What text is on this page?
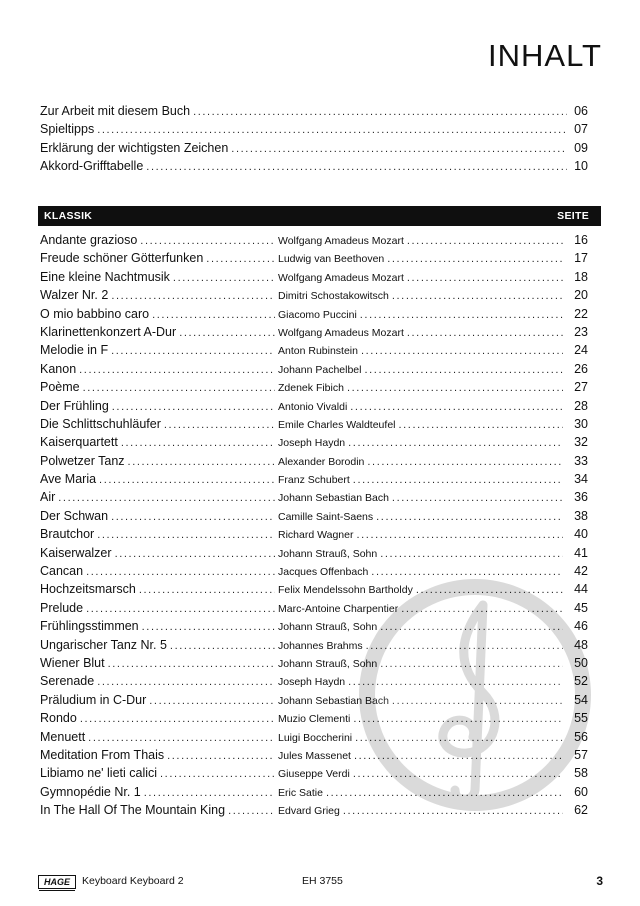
INHALT
Zur Arbeit mit diesem Buch .....	06
Spieltipps .....	07
Erklärung der wichtigsten Zeichen .....	09
Akkord-Grifftabelle .....	10
KLASSIK	SEITE
Andante grazioso .....	Wolfgang Amadeus Mozart .....	16
Freude schöner Götterfunken .....	Ludwig van Beethoven .....	17
Eine kleine Nachtmusik .....	Wolfgang Amadeus Mozart .....	18
Walzer Nr. 2 .....	Dimitri Schostakowitsch .....	20
O mio babbino caro .....	Giacomo Puccini .....	22
Klarinettenkonzert A-Dur .....	Wolfgang Amadeus Mozart .....	23
Melodie in F .....	Anton Rubinstein .....	24
Kanon .....	Johann Pachelbel .....	26
Poème .....	Zdenek Fibich .....	27
Der Frühling .....	Antonio Vivaldi .....	28
Die Schlittschuhläufer .....	Emile Charles Waldteufel .....	30
Kaiserquartett .....	Joseph Haydn .....	32
Polwetzer Tanz .....	Alexander Borodin .....	33
Ave Maria .....	Franz Schubert .....	34
Air .....	Johann Sebastian Bach .....	36
Der Schwan .....	Camille Saint-Saens .....	38
Brautchor .....	Richard Wagner .....	40
Kaiserwalzer .....	Johann Strauß, Sohn .....	41
Cancan .....	Jacques Offenbach .....	42
Hochzeitsmarsch .....	Felix Mendelssohn Bartholdy .....	44
Prelude .....	Marc-Antoine Charpentier .....	45
Frühlingsstimmen .....	Johann Strauß, Sohn .....	46
Ungarischer Tanz Nr. 5 .....	Johannes Brahms .....	48
Wiener Blut .....	Johann Strauß, Sohn .....	50
Serenade .....	Joseph Haydn .....	52
Präludium in C-Dur .....	Johann Sebastian Bach .....	54
Rondo .....	Muzio Clementi .....	55
Menuett .....	Luigi Boccherini .....	56
Meditation From Thais .....	Jules Massenet .....	57
Libiamo ne' lieti calici .....	Giuseppe Verdi .....	58
Gymnopédie Nr. 1 .....	Eric Satie .....	60
In The Hall Of The Mountain King .....	Edvard Grieg .....	62
HAGE	Keyboard Keyboard 2	EH 3755	3
